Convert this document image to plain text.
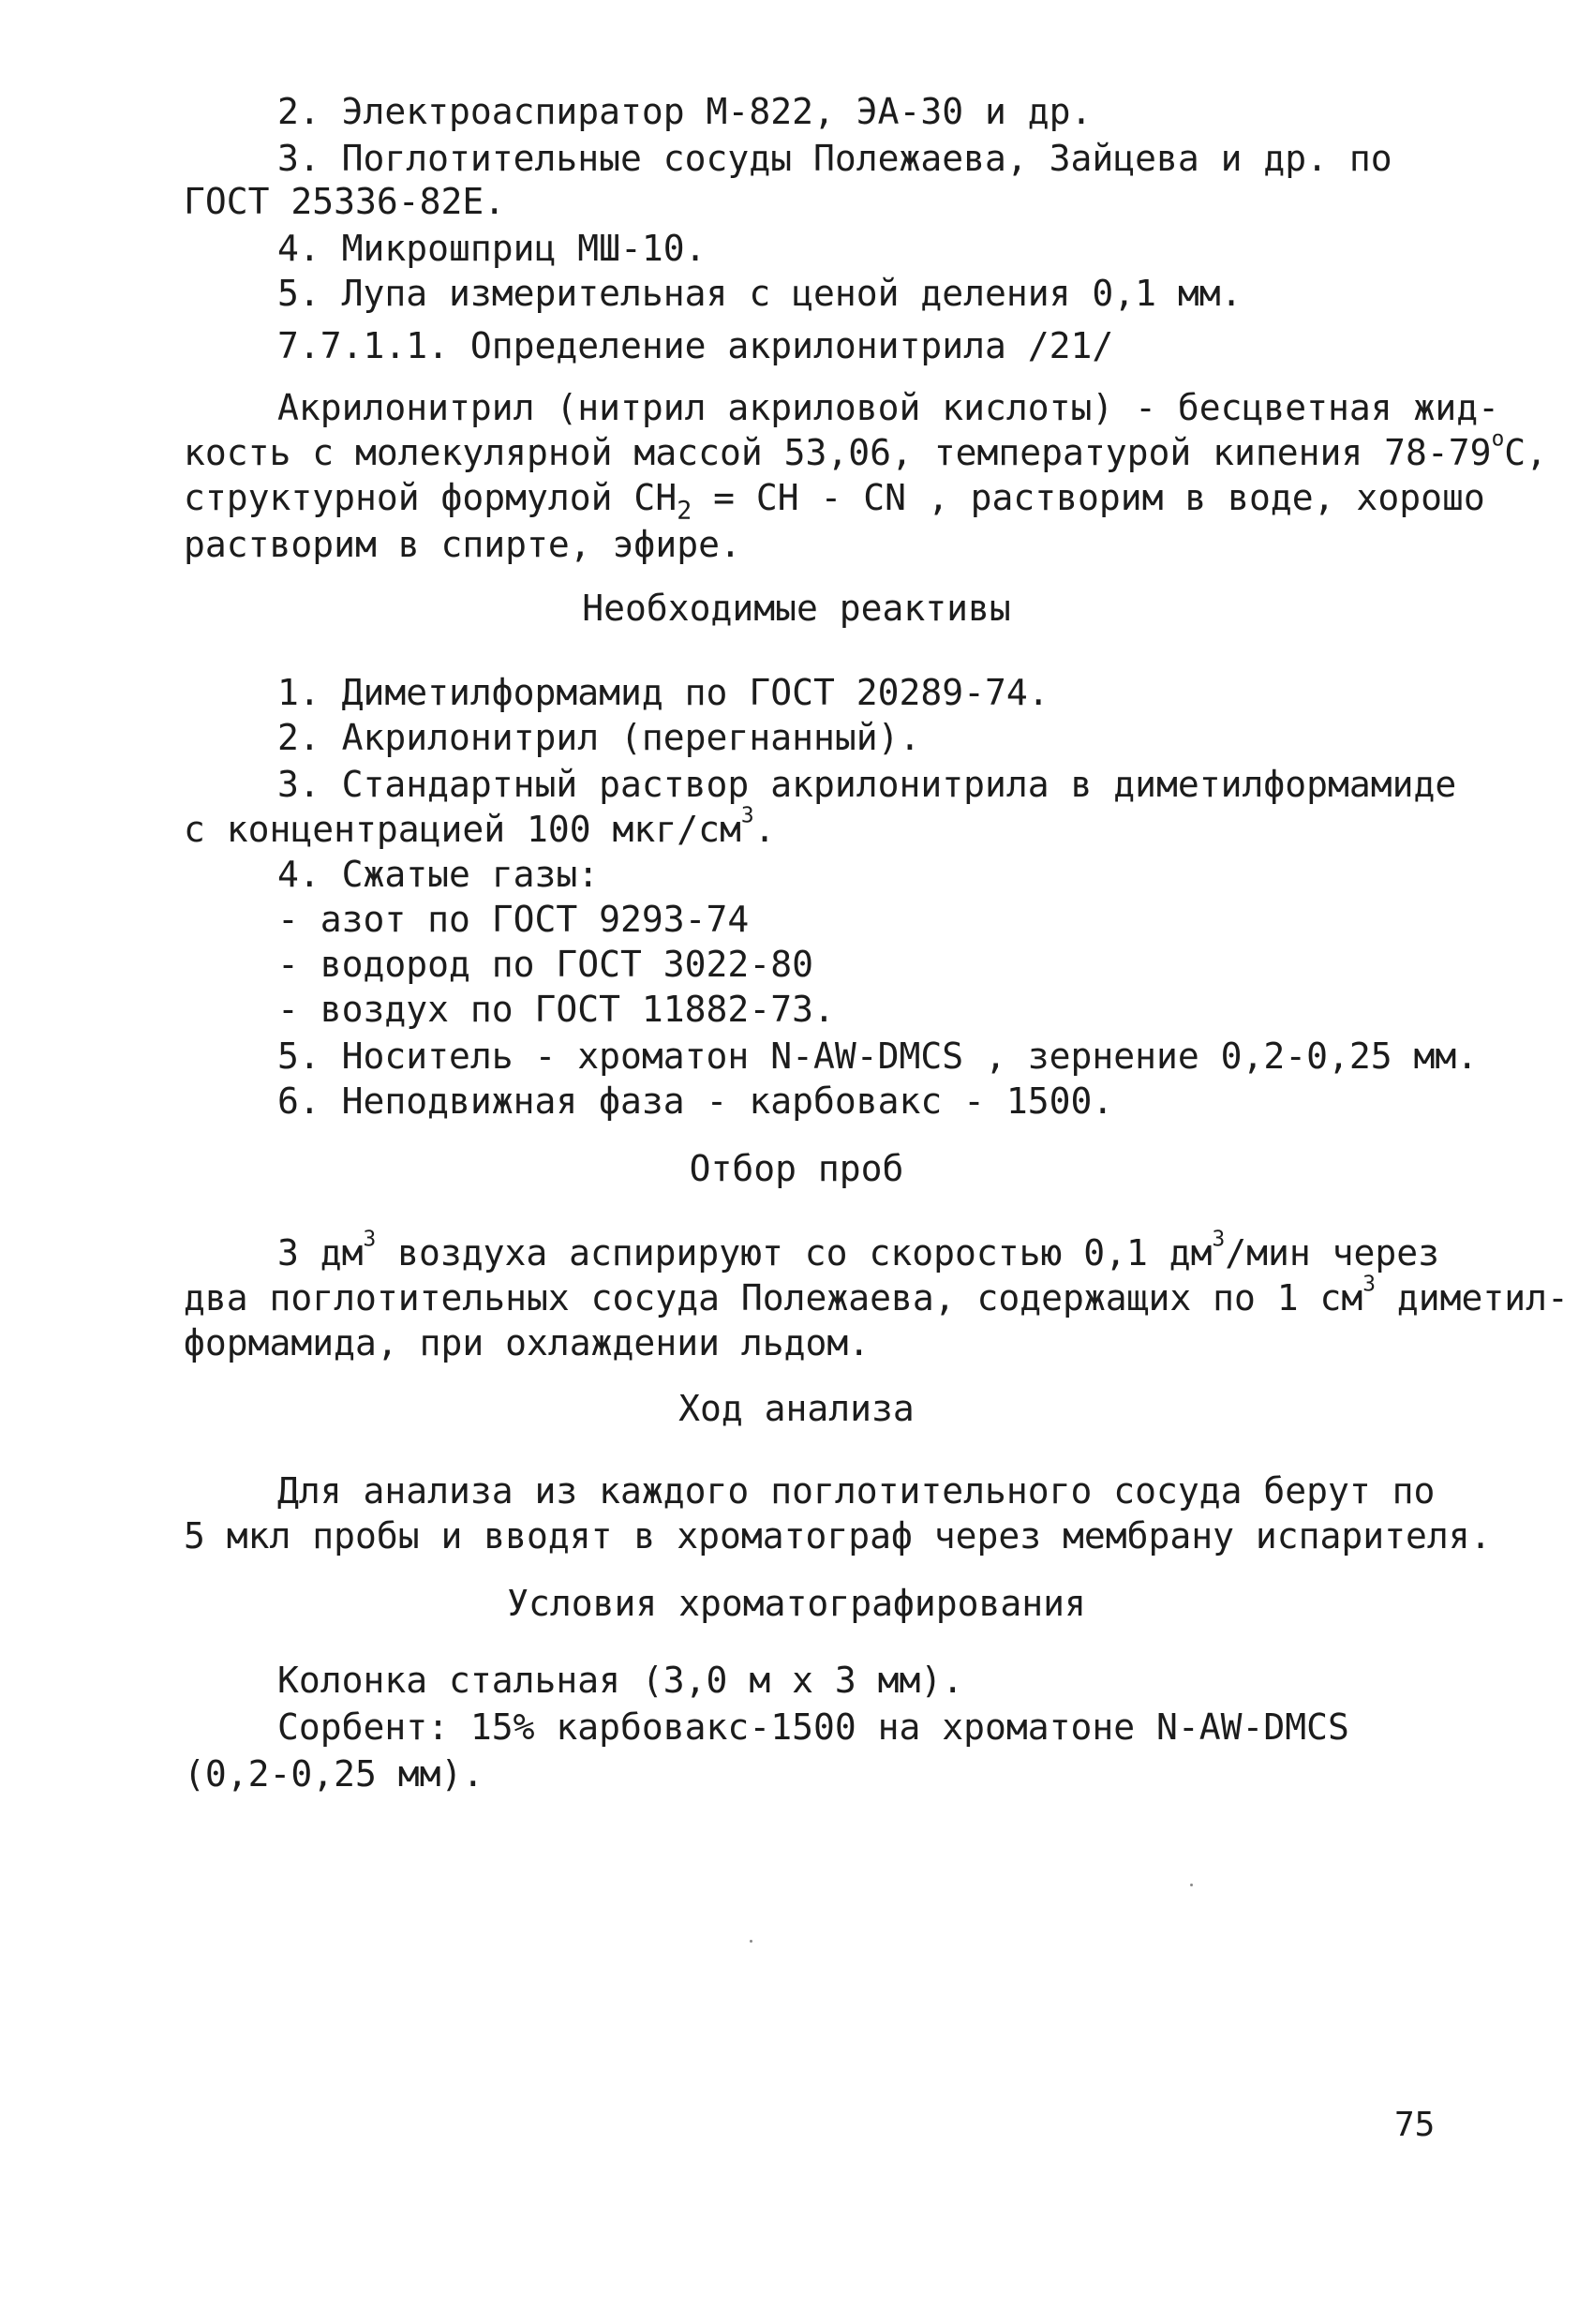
2. Электроаспиратор М-822, ЭА-30 и др.
3. Поглотительные сосуды Полежаева, Зайцева и др. по
ГОСТ 25336-82Е.
4. Микрошприц МШ-10.
5. Лупа измерительная с ценой деления 0,1 мм.
7.7.1.1. Определение акрилонитрила /21/
Акрилонитрил (нитрил акриловой кислоты) - бесцветная жид-
кость с молекулярной массой 53,06, температурой кипения $78-79^оС$,
структурной формулой $СН_2$ = СН - СN , растворим в воде, хорошо
растворим в спирте, эфире.
Необходимые реактивы
1. Диметилформамид по ГОСТ 20289-74.
2. Акрилонитрил (перегнанный).
3. Стандартный раствор акрилонитрила в диметилформамиде
с концентрацией 100 мкг/$см^3$.
4. Сжатые газы:
- азот по ГОСТ 9293-74
- водород по ГОСТ 3022-80
- воздух по ГОСТ 11882-73.
5. Носитель - хроматон N-AW-DMCS , зернение 0,2-0,25 мм.
6. Неподвижная фаза - карбовакс - 1500.
Отбор проб
3 $дм^3$ воздуха аспирируют со скоростью 0,1 $дм^3$/мин через
два поглотительных сосуда Полежаева, содержащих по 1 $см^3$ диметил-
формамида, при охлаждении льдом.
Ход анализа
Для анализа из каждого поглотительного сосуда берут по
5 мкл пробы и вводят в хроматограф через мембрану испарителя.
Условия хроматографирования
Колонка стальная (3,0 м х 3 мм).
Сорбент: 15% карбовакс-1500 на хроматоне N-AW-DMCS
(0,2-0,25 мм).
75
